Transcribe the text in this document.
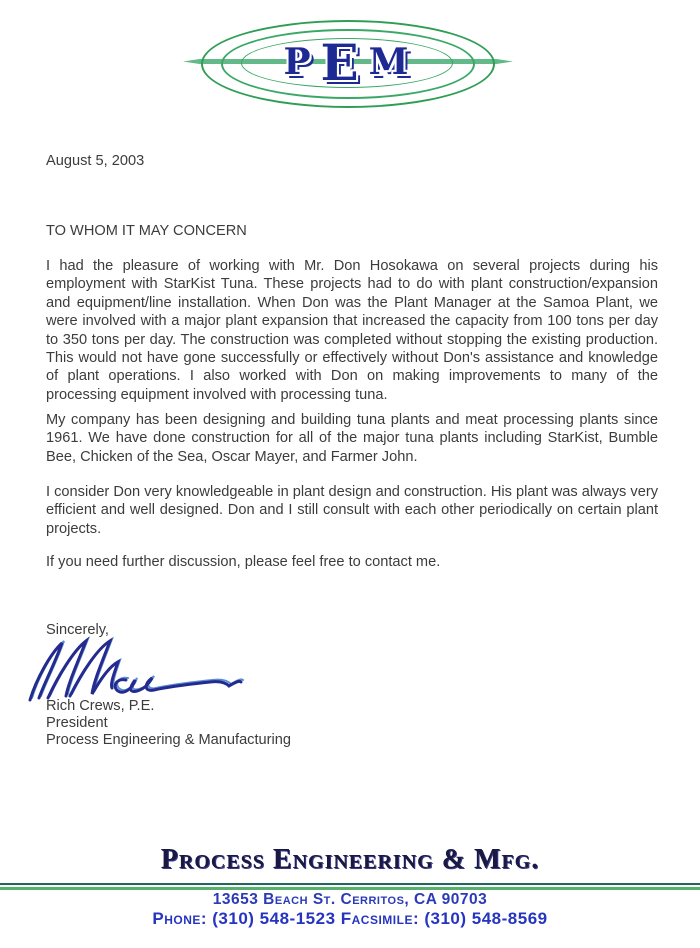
P E M
August 5, 2003
TO WHOM IT MAY CONCERN
I had the pleasure of working with Mr. Don Hosokawa on several projects during his employment with StarKist Tuna. These projects had to do with plant construction/expansion and equipment/line installation. When Don was the Plant Manager at the Samoa Plant, we were involved with a major plant expansion that increased the capacity from 100 tons per day to 350 tons per day. The construction was completed without stopping the existing production. This would not have gone successfully or effectively without Don's assistance and knowledge of plant operations. I also worked with Don on making improvements to many of the processing equipment involved with processing tuna.
My company has been designing and building tuna plants and meat processing plants since 1961. We have done construction for all of the major tuna plants including StarKist, Bumble Bee, Chicken of the Sea, Oscar Mayer, and Farmer John.
I consider Don very knowledgeable in plant design and construction. His plant was always very efficient and well designed. Don and I still consult with each other periodically on certain plant projects.
If you need further discussion, please feel free to contact me.
Sincerely,
Rich Crews, P.E.
President
Process Engineering & Manufacturing
Process Engineering & Mfg.
13653 Beach St. Cerritos, CA 90703
Phone: (310) 548-1523 Facsimile: (310) 548-8569
